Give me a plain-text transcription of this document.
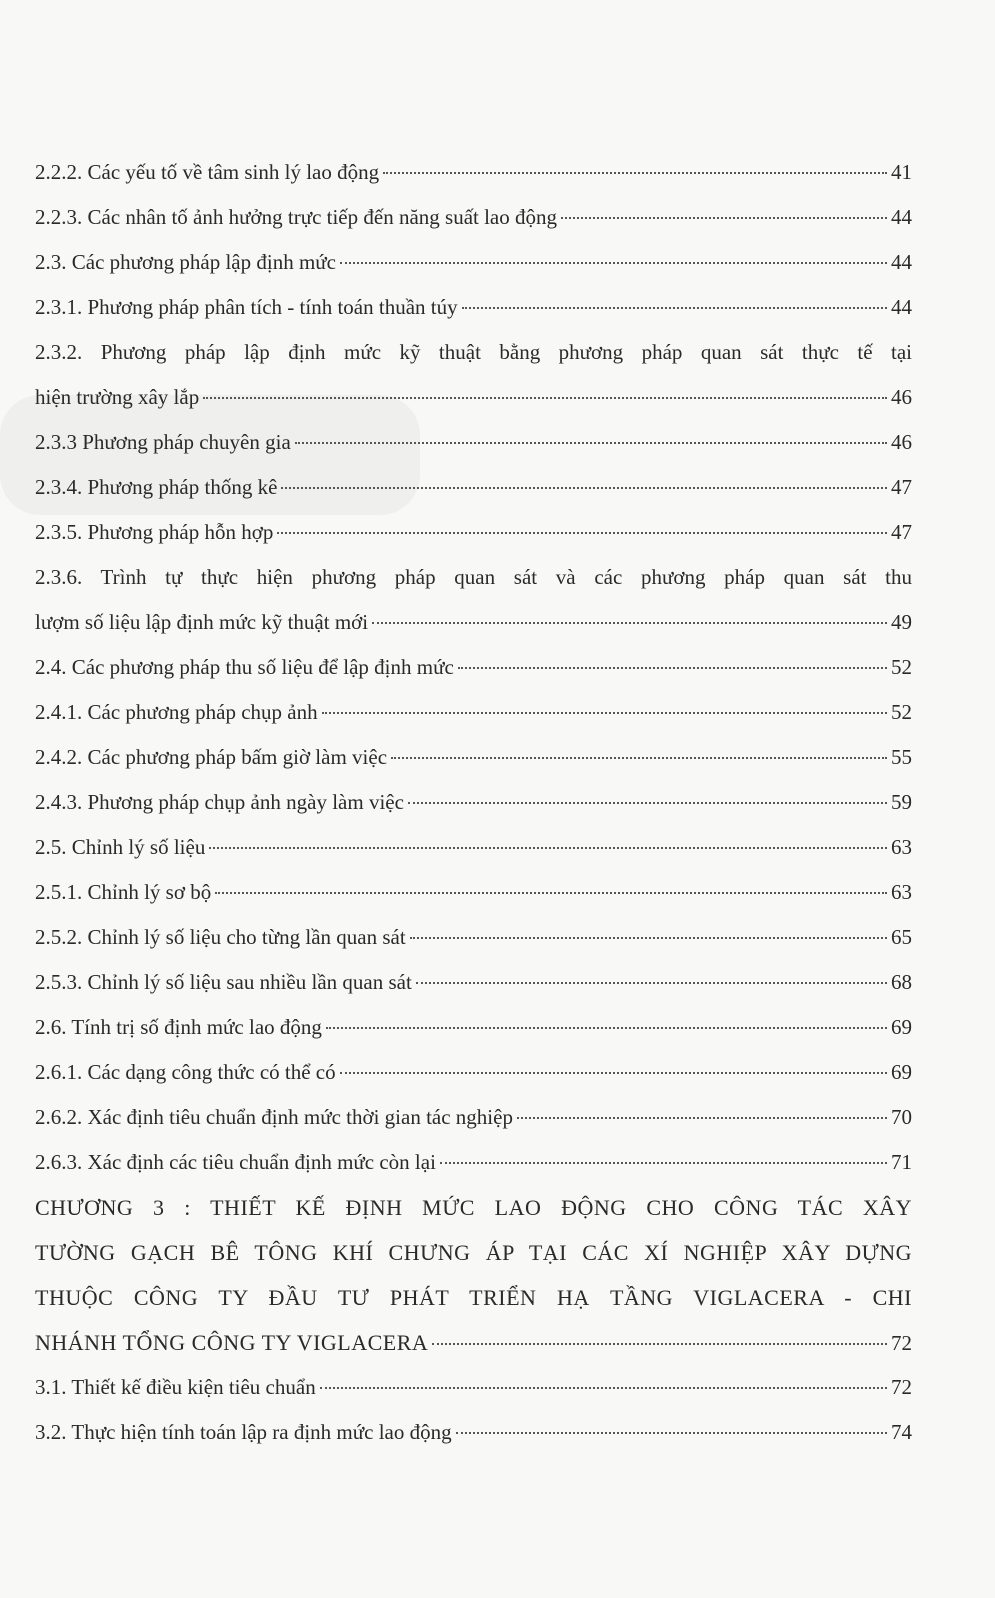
2.2.2. Các yếu tố về tâm sinh lý lao động	41
2.2.3. Các nhân tố ảnh hưởng trực tiếp đến năng suất lao động	44
2.3. Các phương pháp lập định mức	44
2.3.1. Phương pháp phân tích - tính toán thuần túy	44
2.3.2. Phương pháp lập định mức kỹ thuật bằng phương pháp quan sát thực tế tại
hiện trường xây lắp	46
2.3.3 Phương pháp chuyên gia	46
2.3.4. Phương pháp thống kê	47
2.3.5. Phương pháp hỗn hợp	47
2.3.6. Trình tự thực hiện phương pháp quan sát và các phương pháp quan sát thu
lượm số liệu lập định mức kỹ thuật mới	49
2.4. Các phương pháp thu số liệu để lập định mức	52
2.4.1. Các phương pháp chụp ảnh	52
2.4.2. Các phương pháp bấm giờ làm việc	55
2.4.3. Phương pháp chụp ảnh ngày làm việc	59
2.5. Chỉnh lý số liệu	63
2.5.1. Chỉnh lý sơ bộ	63
2.5.2. Chỉnh lý số liệu cho từng lần quan sát	65
2.5.3. Chỉnh lý số liệu sau nhiều lần quan sát	68
2.6. Tính trị số định mức lao động	69
2.6.1. Các dạng công thức có thể có	69
2.6.2. Xác định tiêu chuẩn định mức thời gian tác nghiệp	70
2.6.3. Xác định các tiêu chuẩn định mức còn lại	71
CHƯƠNG 3 : THIẾT KẾ ĐỊNH MỨC LAO ĐỘNG CHO CÔNG TÁC XÂY
TƯỜNG GẠCH BÊ TÔNG KHÍ CHƯNG ÁP TẠI CÁC XÍ NGHIỆP XÂY DỰNG
THUỘC CÔNG TY ĐẦU TƯ PHÁT TRIỂN HẠ TẦNG VIGLACERA - CHI
NHÁNH TỔNG CÔNG TY VIGLACERA	72
3.1. Thiết kế điều kiện tiêu chuẩn	72
3.2. Thực hiện tính toán lập ra định mức lao động	74
